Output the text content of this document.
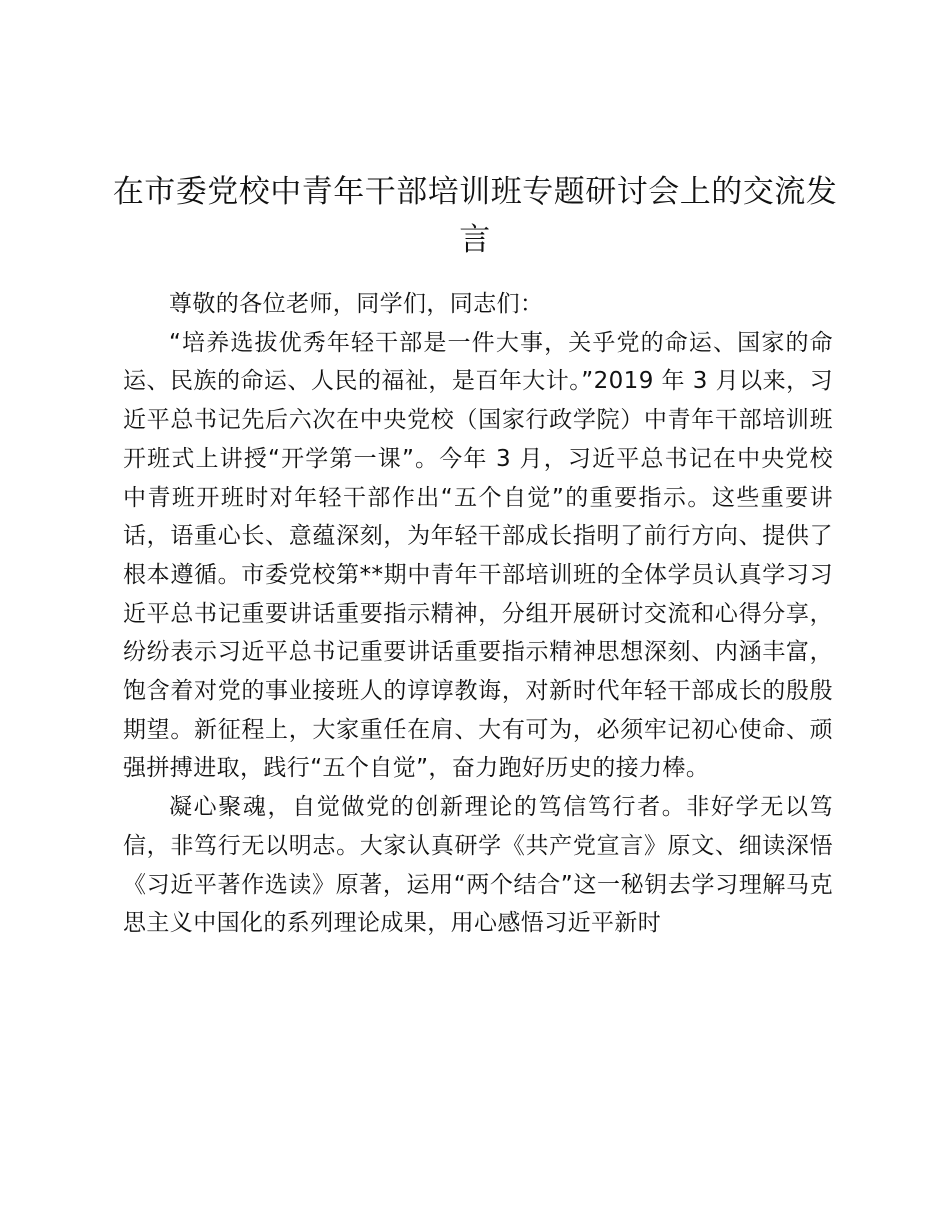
在市委党校中青年干部培训班专题研讨会上的交流发言

尊敬的各位老师，同学们，同志们：

“培养选拔优秀年轻干部是一件大事，关乎党的命运、国家的命运、民族的命运、人民的福祉，是百年大计。”2019 年 3 月以来，习近平总书记先后六次在中央党校（国家行政学院）中青年干部培训班开班式上讲授“开学第一课”。今年 3 月，习近平总书记在中央党校中青班开班时对年轻干部作出“五个自觉”的重要指示。这些重要讲话，语重心长、意蕴深刻，为年轻干部成长指明了前行方向、提供了根本遵循。市委党校第**期中青年干部培训班的全体学员认真学习习近平总书记重要讲话重要指示精神，分组开展研讨交流和心得分享，纷纷表示习近平总书记重要讲话重要指示精神思想深刻、内涵丰富，饱含着对党的事业接班人的谆谆教诲，对新时代年轻干部成长的殷殷期望。新征程上，大家重任在肩、大有可为，必须牢记初心使命、顽强拼搏进取，践行“五个自觉”，奋力跑好历史的接力棒。

凝心聚魂，自觉做党的创新理论的笃信笃行者。非好学无以笃信，非笃行无以明志。大家认真研学《共产党宣言》原文、细读深悟《习近平著作选读》原著，运用“两个结合”这一秘钥去学习理解马克思主义中国化的系列理论成果，用心感悟习近平新时
